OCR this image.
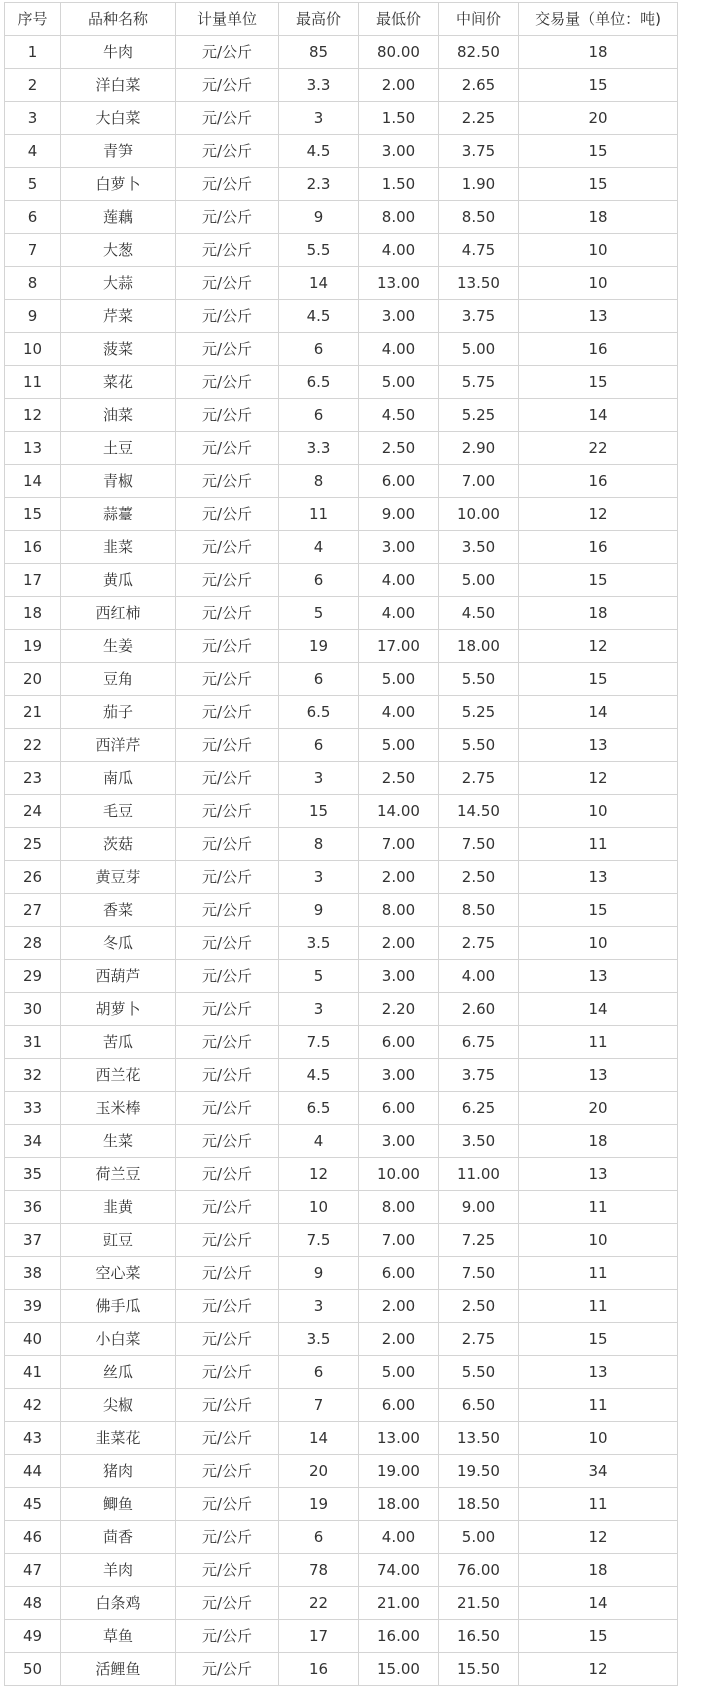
序号	品种名称	计量单位	最高价	最低价	中间价	交易量（单位：吨)
1	牛肉	元/公斤	85	80.00	82.50	18
2	洋白菜	元/公斤	3.3	2.00	2.65	15
3	大白菜	元/公斤	3	1.50	2.25	20
4	青笋	元/公斤	4.5	3.00	3.75	15
5	白萝卜	元/公斤	2.3	1.50	1.90	15
6	莲藕	元/公斤	9	8.00	8.50	18
7	大葱	元/公斤	5.5	4.00	4.75	10
8	大蒜	元/公斤	14	13.00	13.50	10
9	芹菜	元/公斤	4.5	3.00	3.75	13
10	菠菜	元/公斤	6	4.00	5.00	16
11	菜花	元/公斤	6.5	5.00	5.75	15
12	油菜	元/公斤	6	4.50	5.25	14
13	土豆	元/公斤	3.3	2.50	2.90	22
14	青椒	元/公斤	8	6.00	7.00	16
15	蒜薹	元/公斤	11	9.00	10.00	12
16	韭菜	元/公斤	4	3.00	3.50	16
17	黄瓜	元/公斤	6	4.00	5.00	15
18	西红柿	元/公斤	5	4.00	4.50	18
19	生姜	元/公斤	19	17.00	18.00	12
20	豆角	元/公斤	6	5.00	5.50	15
21	茄子	元/公斤	6.5	4.00	5.25	14
22	西洋芹	元/公斤	6	5.00	5.50	13
23	南瓜	元/公斤	3	2.50	2.75	12
24	毛豆	元/公斤	15	14.00	14.50	10
25	茨菇	元/公斤	8	7.00	7.50	11
26	黄豆芽	元/公斤	3	2.00	2.50	13
27	香菜	元/公斤	9	8.00	8.50	15
28	冬瓜	元/公斤	3.5	2.00	2.75	10
29	西葫芦	元/公斤	5	3.00	4.00	13
30	胡萝卜	元/公斤	3	2.20	2.60	14
31	苦瓜	元/公斤	7.5	6.00	6.75	11
32	西兰花	元/公斤	4.5	3.00	3.75	13
33	玉米棒	元/公斤	6.5	6.00	6.25	20
34	生菜	元/公斤	4	3.00	3.50	18
35	荷兰豆	元/公斤	12	10.00	11.00	13
36	韭黄	元/公斤	10	8.00	9.00	11
37	豇豆	元/公斤	7.5	7.00	7.25	10
38	空心菜	元/公斤	9	6.00	7.50	11
39	佛手瓜	元/公斤	3	2.00	2.50	11
40	小白菜	元/公斤	3.5	2.00	2.75	15
41	丝瓜	元/公斤	6	5.00	5.50	13
42	尖椒	元/公斤	7	6.00	6.50	11
43	韭菜花	元/公斤	14	13.00	13.50	10
44	猪肉	元/公斤	20	19.00	19.50	34
45	鲫鱼	元/公斤	19	18.00	18.50	11
46	茴香	元/公斤	6	4.00	5.00	12
47	羊肉	元/公斤	78	74.00	76.00	18
48	白条鸡	元/公斤	22	21.00	21.50	14
49	草鱼	元/公斤	17	16.00	16.50	15
50	活鲤鱼	元/公斤	16	15.00	15.50	12
